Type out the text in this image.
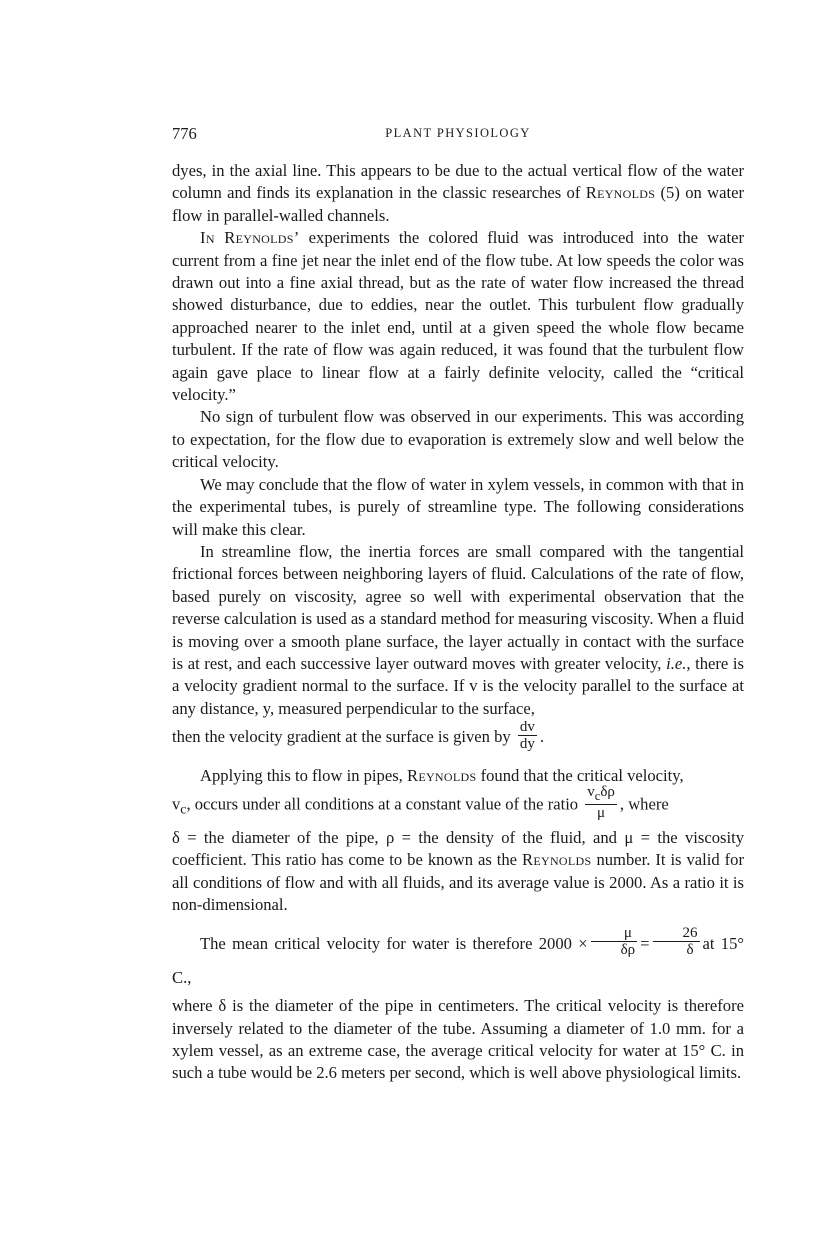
776	PLANT PHYSIOLOGY

dyes, in the axial line. This appears to be due to the actual vertical flow of the water column and finds its explanation in the classic researches of Reynolds (5) on water flow in parallel-walled channels.

In Reynolds’ experiments the colored fluid was introduced into the water current from a fine jet near the inlet end of the flow tube. At low speeds the color was drawn out into a fine axial thread, but as the rate of water flow increased the thread showed disturbance, due to eddies, near the outlet. This turbulent flow gradually approached nearer to the inlet end, until at a given speed the whole flow became turbulent. If the rate of flow was again reduced, it was found that the turbulent flow again gave place to linear flow at a fairly definite velocity, called the “critical velocity.”

No sign of turbulent flow was observed in our experiments. This was according to expectation, for the flow due to evaporation is extremely slow and well below the critical velocity.

We may conclude that the flow of water in xylem vessels, in common with that in the experimental tubes, is purely of streamline type. The following considerations will make this clear.

In streamline flow, the inertia forces are small compared with the tangential frictional forces between neighboring layers of fluid. Calculations of the rate of flow, based purely on viscosity, agree so well with experimental observation that the reverse calculation is used as a standard method for measuring viscosity. When a fluid is moving over a smooth plane surface, the layer actually in contact with the surface is at rest, and each successive layer outward moves with greater velocity, i.e., there is a velocity gradient normal to the surface. If v is the velocity parallel to the surface at any distance, y, measured perpendicular to the surface,

then the velocity gradient at the surface is given by $\frac{dv}{dy}$ .

Applying this to flow in pipes, Reynolds found that the critical velocity,

$v_c$, occurs under all conditions at a constant value of the ratio $\frac{v_c\delta\rho}{\mu}$ , where

δ = the diameter of the pipe, ρ = the density of the fluid, and μ = the viscosity coefficient. This ratio has come to be known as the Reynolds number. It is valid for all conditions of flow and with all fluids, and its average value is 2000. As a ratio it is non-dimensional.

The mean critical velocity for water is therefore $2000 \times \frac{\mu}{\delta\rho} = \frac{26}{\delta}$ at 15° C.,

where δ is the diameter of the pipe in centimeters. The critical velocity is therefore inversely related to the diameter of the tube. Assuming a diameter of 1.0 mm. for a xylem vessel, as an extreme case, the average critical velocity for water at 15° C. in such a tube would be 2.6 meters per second, which is well above physiological limits.
